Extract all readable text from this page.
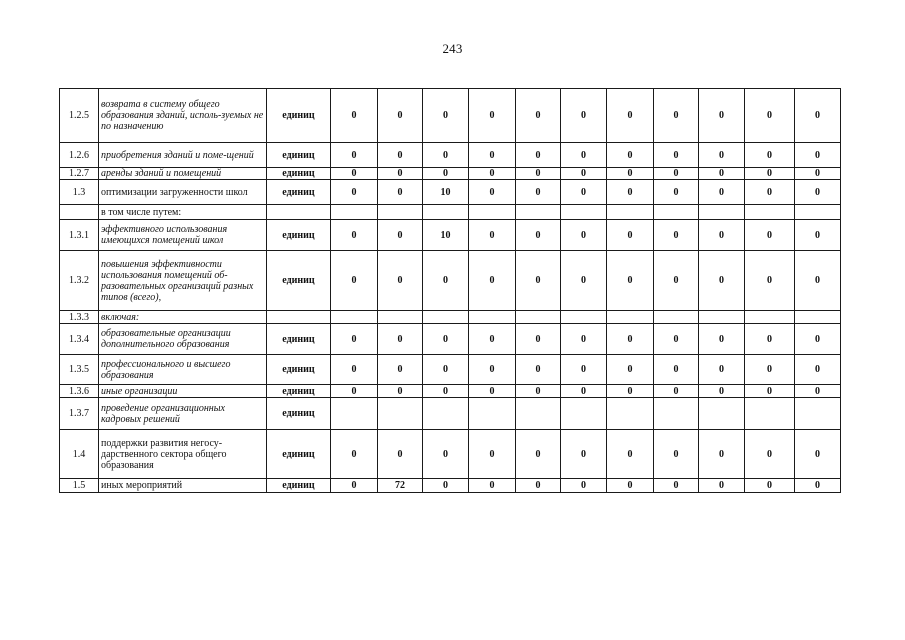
243
1.2.5	возврата в систему общего образования зданий, исполь-зуемых не по назначению	единиц	0	0	0	0	0	0	0	0	0	0	0
1.2.6	приобретения зданий и поме-щений	единиц	0	0	0	0	0	0	0	0	0	0	0
1.2.7	аренды зданий и помещений	единиц	0	0	0	0	0	0	0	0	0	0	0
1.3	оптимизации загруженности школ	единиц	0	0	10	0	0	0	0	0	0	0	0
	в том числе путем:												
1.3.1	эффективного использования имеющихся помещений школ	единиц	0	0	10	0	0	0	0	0	0	0	0
1.3.2	повышения эффективности использования помещений об-разовательных организаций разных типов (всего),	единиц	0	0	0	0	0	0	0	0	0	0	0
1.3.3	включая:												
1.3.4	образовательные организации дополнительного образования	единиц	0	0	0	0	0	0	0	0	0	0	0
1.3.5	профессионального и высшего образования	единиц	0	0	0	0	0	0	0	0	0	0	0
1.3.6	иные организации	единиц	0	0	0	0	0	0	0	0	0	0	0
1.3.7	проведение организационных кадровых решений	единиц											
1.4	поддержки развития негосу-дарственного сектора общего образования	единиц	0	0	0	0	0	0	0	0	0	0	0
1.5	иных мероприятий	единиц	0	72	0	0	0	0	0	0	0	0	0
